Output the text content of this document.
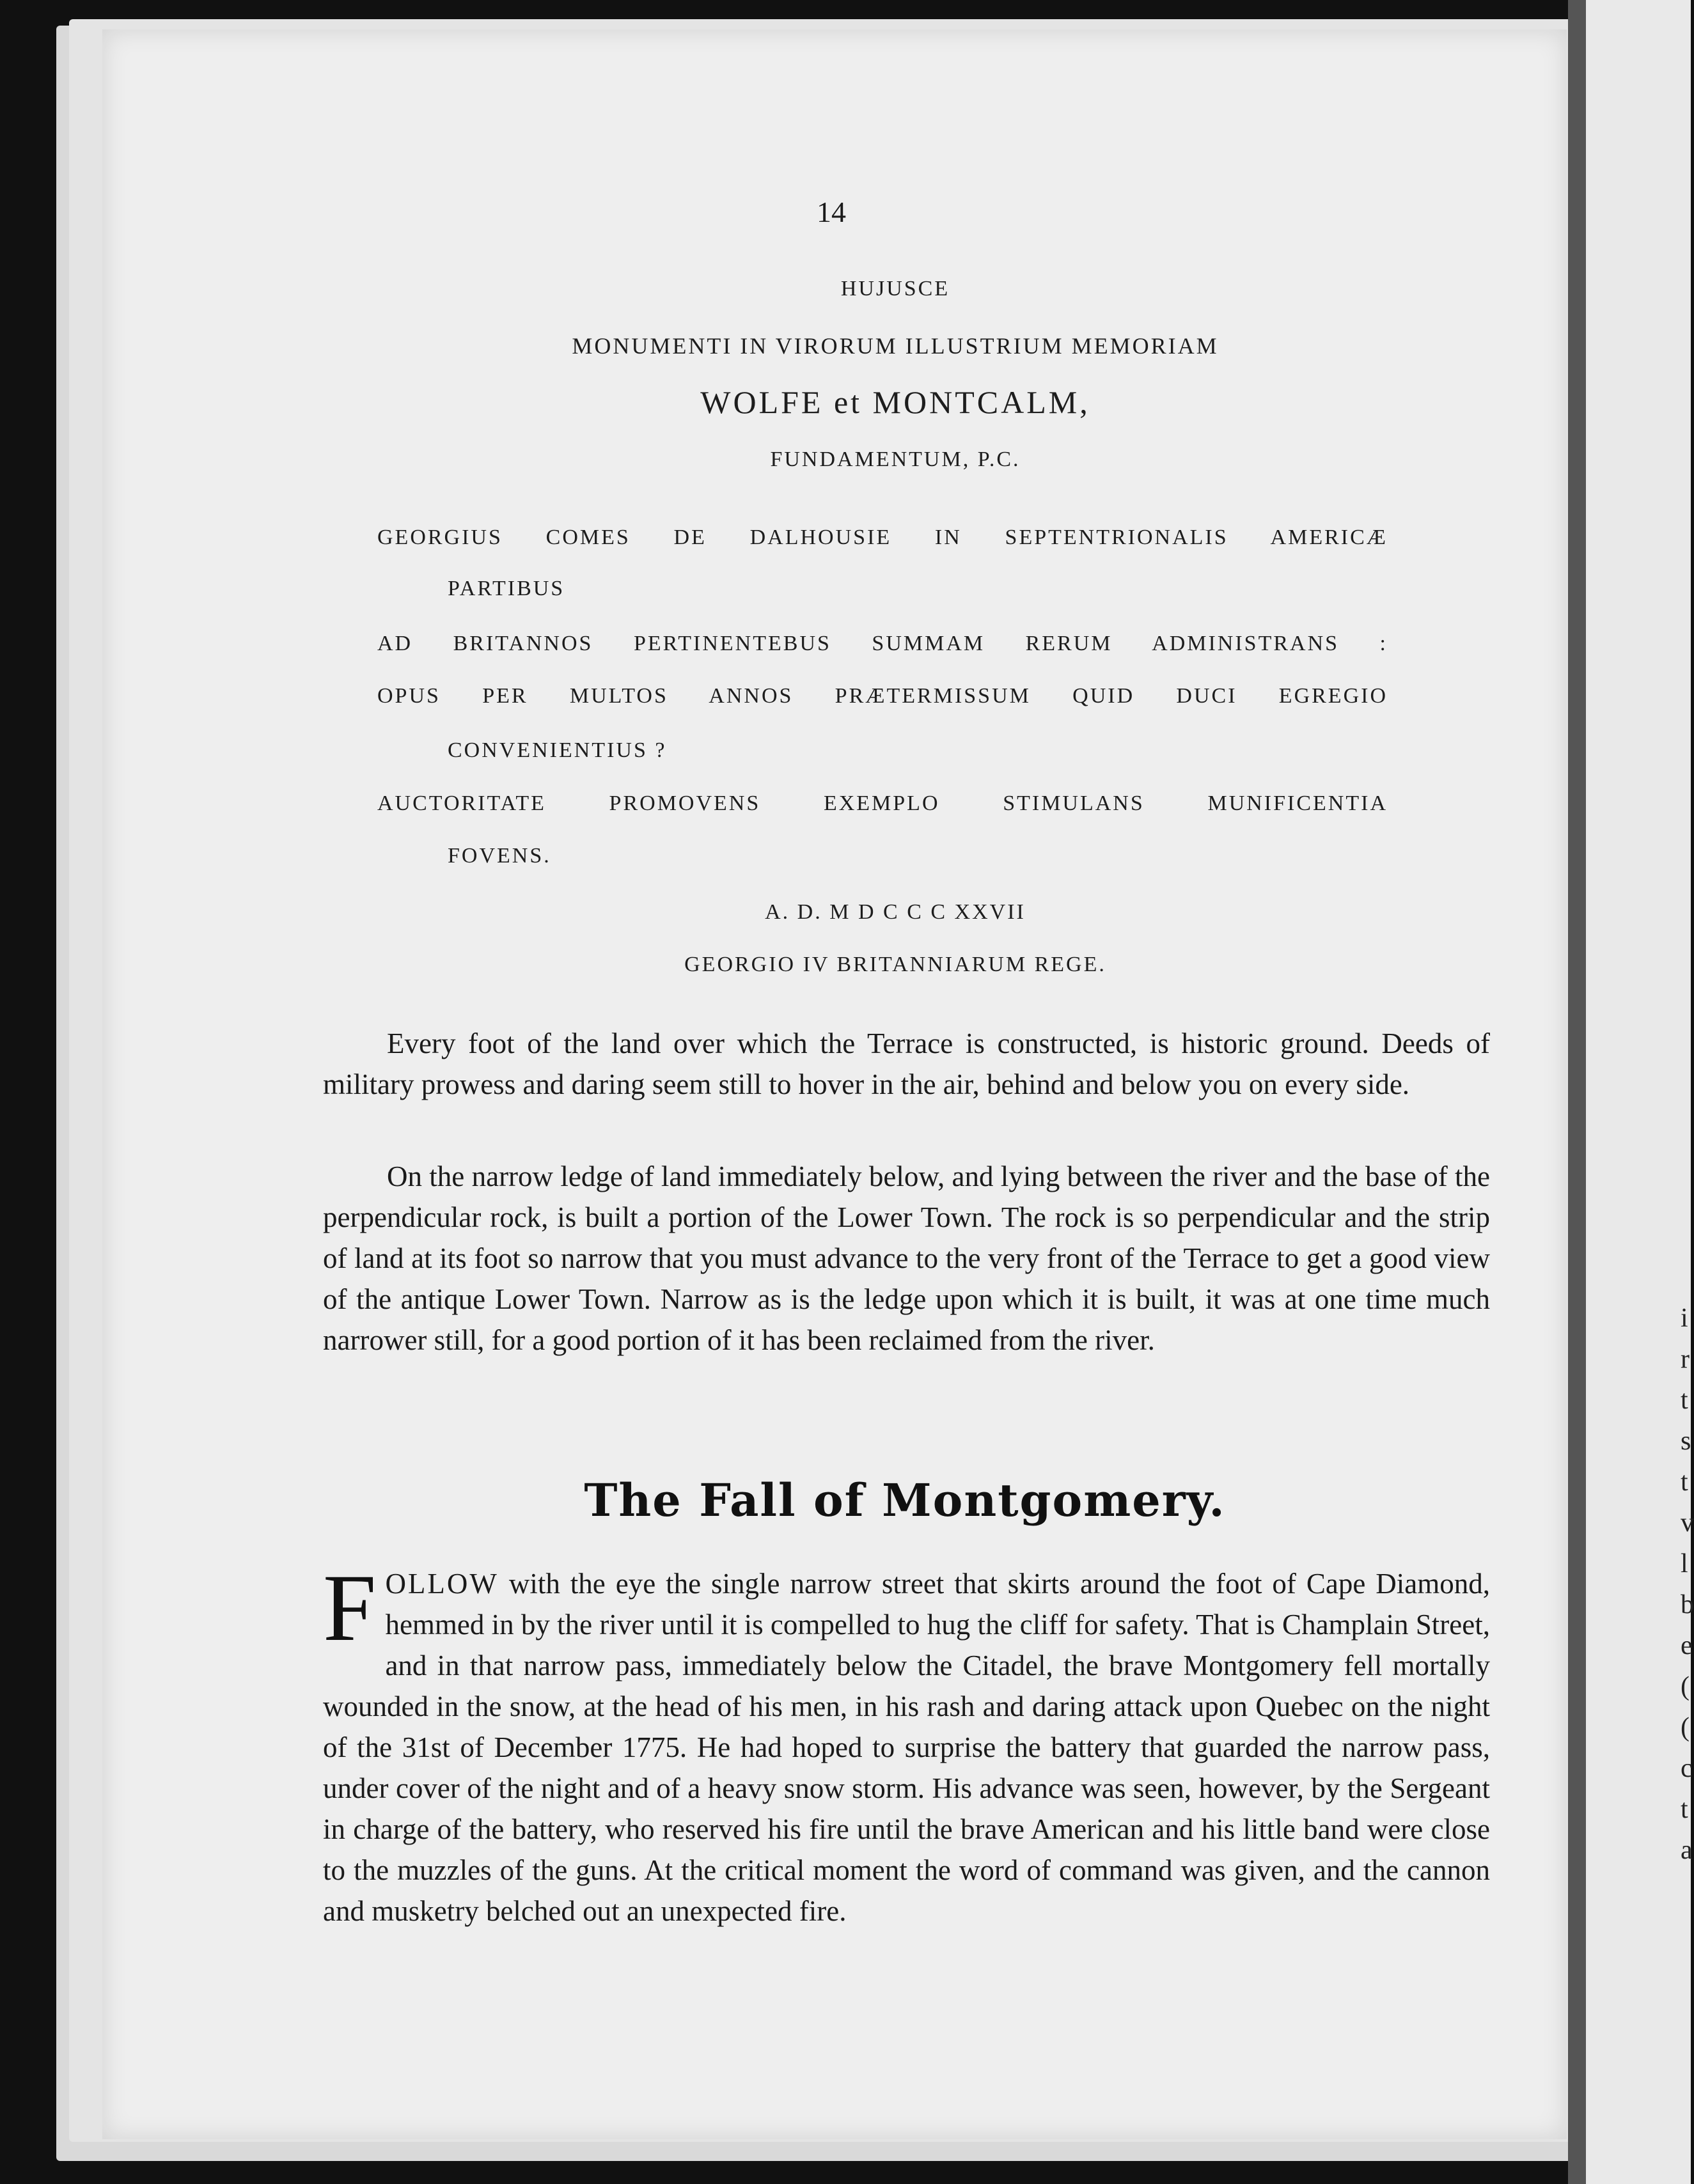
i
r
t
s
t
v
l
b
e
(
(
c
t
a
14
HUJUSCE
MONUMENTI IN VIRORUM ILLUSTRIUM MEMORIAM
WOLFE et MONTCALM,
FUNDAMENTUM, P.C.
GEORGIUS COMES DE DALHOUSIE IN SEPTENTRIONALIS AMERICÆ
PARTIBUS
AD BRITANNOS PERTINENTEBUS SUMMAM RERUM ADMINISTRANS :
OPUS PER MULTOS ANNOS PRÆTERMISSUM QUID DUCI EGREGIO
CONVENIENTIUS ?
AUCTORITATE PROMOVENS EXEMPLO STIMULANS MUNIFICENTIA
FOVENS.
A. D. M D C C C XXVII
GEORGIO IV BRITANNIARUM REGE.
Every foot of the land over which the Terrace is constructed, is historic ground. Deeds of military prowess and daring seem still to hover in the air, behind and below you on every side.
On the narrow ledge of land immediately below, and lying between the river and the base of the perpendicular rock, is built a portion of the Lower Town. The rock is so perpendicular and the strip of land at its foot so narrow that you must advance to the very front of the Terrace to get a good view of the antique Lower Town. Narrow as is the ledge upon which it is built, it was at one time much narrower still, for a good portion of it has been reclaimed from the river.
The Fall of Montgomery.
FOLLOW with the eye the single narrow street that skirts around the foot of Cape Diamond, hemmed in by the river until it is compelled to hug the cliff for safety. That is Champlain Street, and in that narrow pass, immediately below the Citadel, the brave Montgomery fell mortally wounded in the snow, at the head of his men, in his rash and daring attack upon Quebec on the night of the 31st of December 1775. He had hoped to surprise the battery that guarded the narrow pass, under cover of the night and of a heavy snow storm. His advance was seen, however, by the Sergeant in charge of the battery, who reserved his fire until the brave American and his little band were close to the muzzles of the guns. At the critical moment the word of command was given, and the cannon and musketry belched out an unexpected fire.
